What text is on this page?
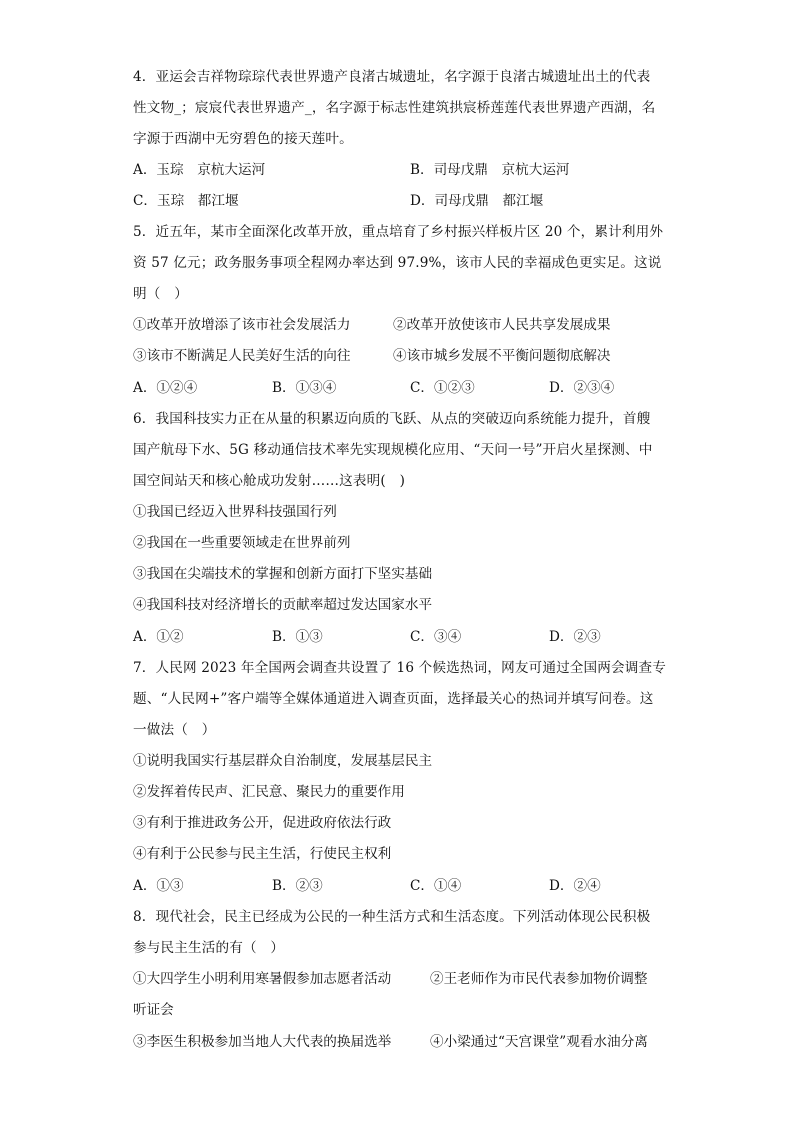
4．亚运会吉祥物琮琮代表世界遗产良渚古城遗址，名字源于良渚古城遗址出土的代表
性文物_；宸宸代表世界遗产_，名字源于标志性建筑拱宸桥莲莲代表世界遗产西湖，名
字源于西湖中无穷碧色的接天莲叶。
A．玉琮　京杭大运河	B．司母戊鼎　京杭大运河
C．玉琮　都江堰	D．司母戊鼎　都江堰
5．近五年，某市全面深化改革开放，重点培育了乡村振兴样板片区 20 个，累计利用外
资 57 亿元；政务服务事项全程网办率达到 97.9%，该市人民的幸福成色更实足。这说
明（　）
①改革开放增添了该市社会发展活力	②改革开放使该市人民共享发展成果
③该市不断满足人民美好生活的向往	④该市城乡发展不平衡问题彻底解决
A．①②④	B．①③④	C．①②③	D．②③④
6．我国科技实力正在从量的积累迈向质的飞跃、从点的突破迈向系统能力提升，首艘
国产航母下水、5G 移动通信技术率先实现规模化应用、“天问一号”开启火星探测、中
国空间站天和核心舱成功发射……这表明(　)
①我国已经迈入世界科技强国行列
②我国在一些重要领域走在世界前列
③我国在尖端技术的掌握和创新方面打下坚实基础
④我国科技对经济增长的贡献率超过发达国家水平
A．①②	B．①③	C．③④	D．②③
7．人民网 2023 年全国两会调查共设置了 16 个候选热词，网友可通过全国两会调查专
题、“人民网+”客户端等全媒体通道进入调查页面，选择最关心的热词并填写问卷。这
一做法（　）
①说明我国实行基层群众自治制度，发展基层民主
②发挥着传民声、汇民意、聚民力的重要作用
③有利于推进政务公开，促进政府依法行政
④有利于公民参与民主生活，行使民主权利
A．①③	B．②③	C．①④	D．②④
8．现代社会，民主已经成为公民的一种生活方式和生活态度。下列活动体现公民积极
参与民主生活的有（　）
①大四学生小明利用寒暑假参加志愿者活动	②王老师作为市民代表参加物价调整
听证会
③李医生积极参加当地人大代表的换届选举	④小梁通过“天宫课堂”观看水油分离
